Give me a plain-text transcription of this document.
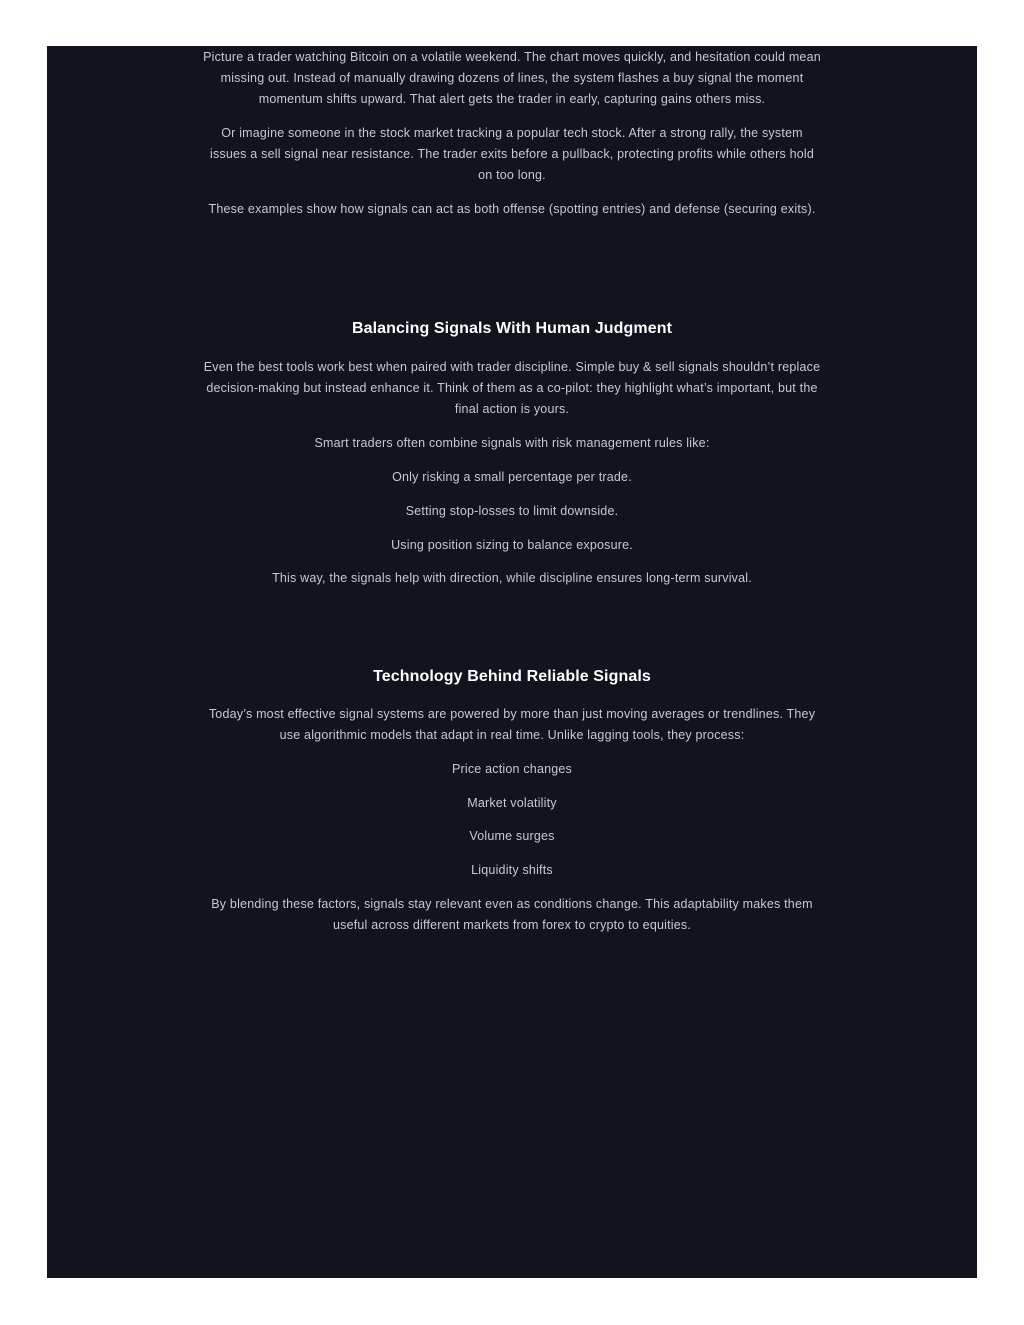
Picture a trader watching Bitcoin on a volatile weekend. The chart moves quickly, and hesitation could mean missing out. Instead of manually drawing dozens of lines, the system flashes a buy signal the moment momentum shifts upward. That alert gets the trader in early, capturing gains others miss.

Or imagine someone in the stock market tracking a popular tech stock. After a strong rally, the system issues a sell signal near resistance. The trader exits before a pullback, protecting profits while others hold on too long.

These examples show how signals can act as both offense (spotting entries) and defense (securing exits).

Balancing Signals With Human Judgment

Even the best tools work best when paired with trader discipline. Simple buy & sell signals shouldn’t replace decision-making but instead enhance it. Think of them as a co-pilot: they highlight what’s important, but the final action is yours.

Smart traders often combine signals with risk management rules like:

Only risking a small percentage per trade.

Setting stop-losses to limit downside.

Using position sizing to balance exposure.

This way, the signals help with direction, while discipline ensures long-term survival.

Technology Behind Reliable Signals

Today’s most effective signal systems are powered by more than just moving averages or trendlines. They use algorithmic models that adapt in real time. Unlike lagging tools, they process:

Price action changes

Market volatility

Volume surges

Liquidity shifts

By blending these factors, signals stay relevant even as conditions change. This adaptability makes them useful across different markets from forex to crypto to equities.
